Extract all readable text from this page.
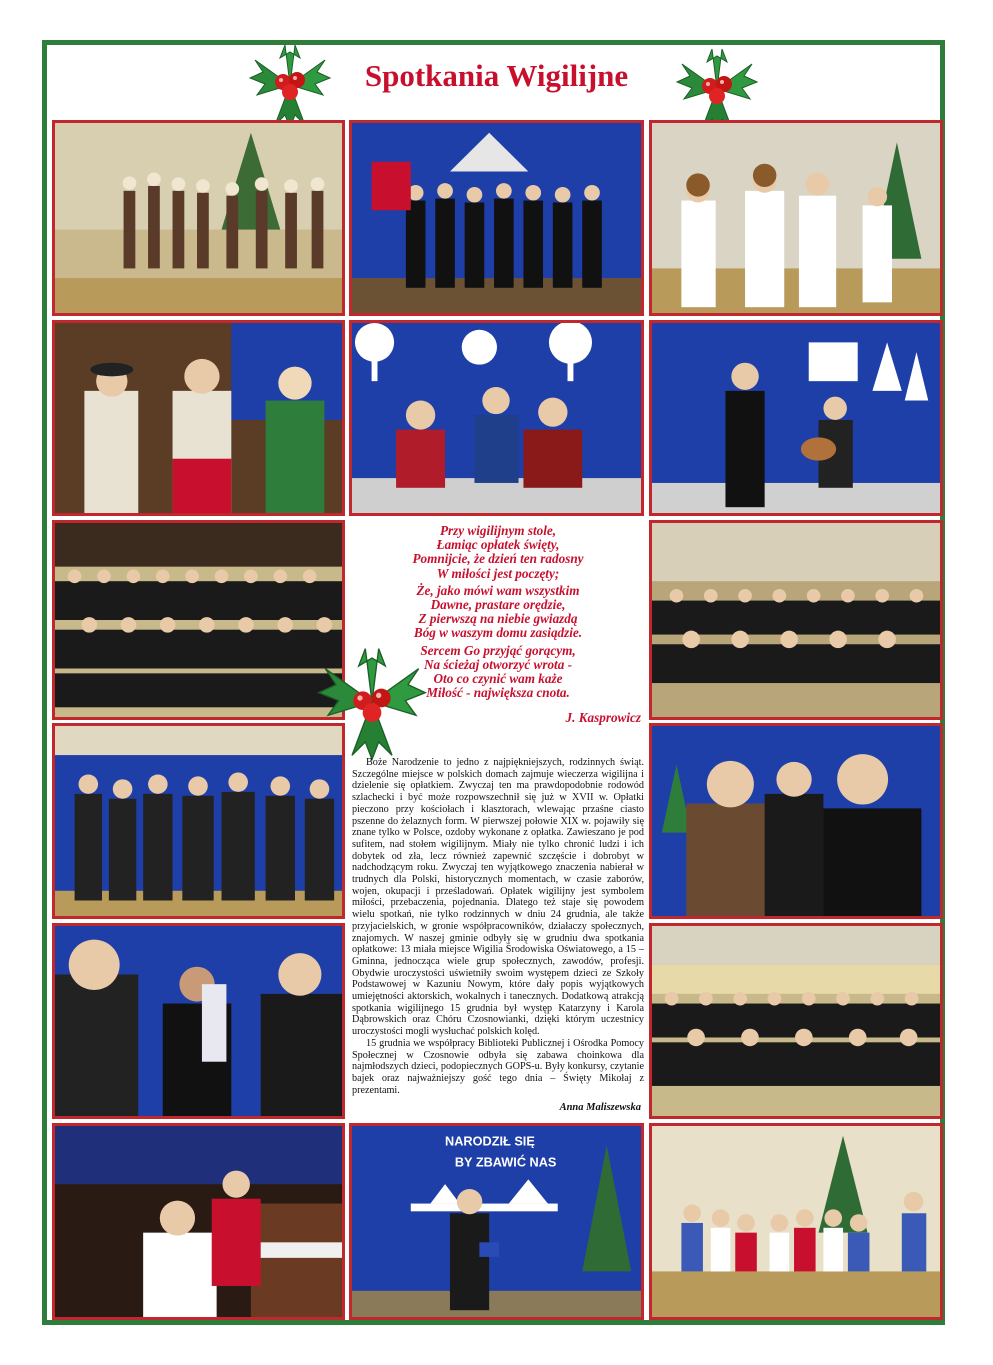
Spotkania Wigilijne
Przy wigilijnym stole,
Łamiąc opłatek święty,
Pomnijcie, że dzień ten radosny
W miłości jest poczęty;
Że, jako mówi wam wszystkim
Dawne, prastare orędzie,
Z pierwszą na niebie gwiazdą
Bóg w waszym domu zasiądzie.
Sercem Go przyjąć gorącym,
Na ścieżaj otworzyć wrota -
Oto co czynić wam każe
Miłość - największa cnota.
J. Kasprowicz

Boże Narodzenie to jedno z najpiękniejszych, rodzinnych świąt. Szczególne miejsce w polskich domach zajmuje wieczerza wigilijna i dzielenie się opłatkiem. Zwyczaj ten ma prawdopodobnie rodowód szlachecki i być może rozpowszechnił się już w XVII w. Opłatki pieczono przy kościołach i klasztorach, wlewając przaśne ciasto pszenne do żelaznych form. W pierwszej połowie XIX w. pojawiły się znane tylko w Polsce, ozdoby wykonane z opłatka. Zawieszano je pod sufitem, nad stołem wigilijnym. Miały nie tylko chronić ludzi i ich dobytek od zła, lecz również zapewnić szczęście i dobrobyt w nadchodzącym roku. Zwyczaj ten wyjątkowego znaczenia nabierał w trudnych dla Polski, historycznych momentach, w czasie zaborów, wojen, okupacji i prześladowań. Opłatek wigilijny jest symbolem miłości, przebaczenia, pojednania. Dlatego też staje się powodem wielu spotkań, nie tylko rodzinnych w dniu 24 grudnia, ale także przyjacielskich, w gronie współpracowników, działaczy społecznych, znajomych. W naszej gminie odbyły się w grudniu dwa spotkania opłatkowe: 13 miała miejsce Wigilia Środowiska Oświatowego, a 15 – Gminna, jednocząca wiele grup społecznych, zawodów, profesji. Obydwie uroczystości uświetniły swoim występem dzieci ze Szkoły Podstawowej w Kazuniu Nowym, które dały popis wyjątkowych umiejętności aktorskich, wokalnych i tanecznych. Dodatkową atrakcją spotkania wigilijnego 15 grudnia był występ Katarzyny i Karola Dąbrowskich oraz Chóru Czosnowianki, dzięki którym uczestnicy uroczystości mogli wysłuchać polskich kolęd.

15 grudnia we współpracy Biblioteki Publicznej i Ośrodka Pomocy Społecznej w Czosnowie odbyła się zabawa choinkowa dla najmłodszych dzieci, podopiecznych GOPS-u. Były konkursy, czytanie bajek oraz najważniejszy gość tego dnia – Święty Mikołaj z prezentami.

Anna Maliszewska
NARODZIŁ SIĘ
BY ZBAWIĆ NAS
